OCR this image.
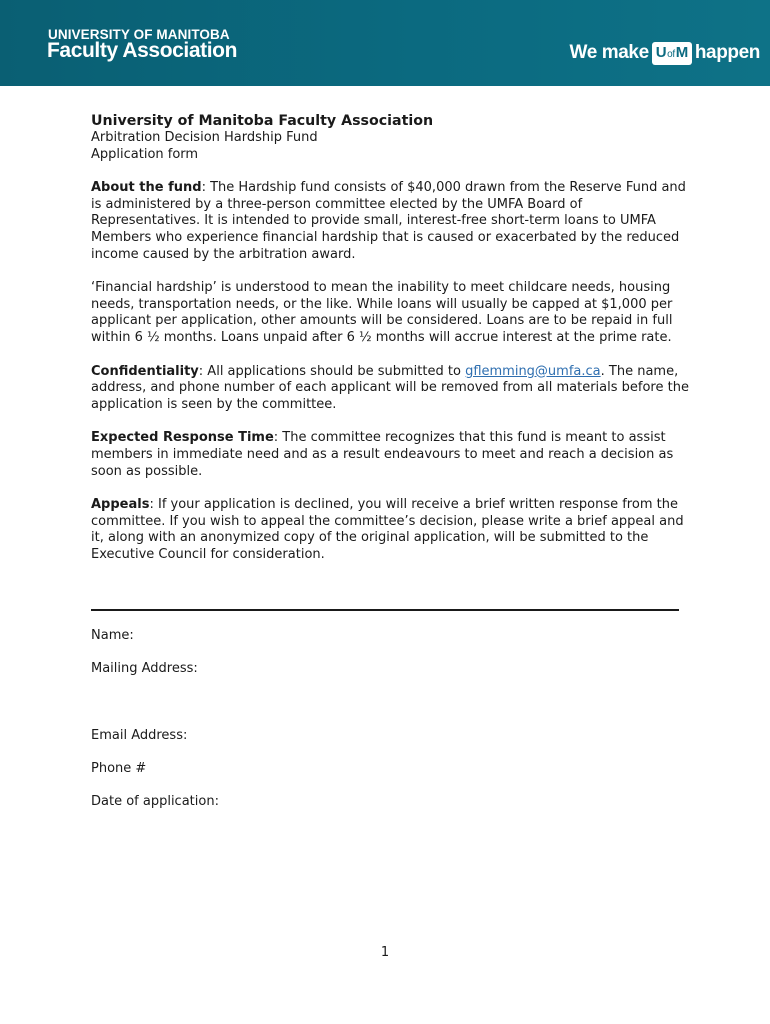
UNIVERSITY OF MANITOBA
Faculty Association	We make U of M happen
University of Manitoba Faculty Association
Arbitration Decision Hardship Fund
Application form

About the fund: The Hardship fund consists of $40,000 drawn from the Reserve Fund and is administered by a three-person committee elected by the UMFA Board of Representatives. It is intended to provide small, interest-free short-term loans to UMFA Members who experience financial hardship that is caused or exacerbated by the reduced income caused by the arbitration award.

‘Financial hardship’ is understood to mean the inability to meet childcare needs, housing needs, transportation needs, or the like. While loans will usually be capped at $1,000 per applicant per application, other amounts will be considered. Loans are to be repaid in full within 6 ½ months. Loans unpaid after 6 ½ months will accrue interest at the prime rate.

Confidentiality: All applications should be submitted to gflemming@umfa.ca. The name, address, and phone number of each applicant will be removed from all materials before the application is seen by the committee.

Expected Response Time: The committee recognizes that this fund is meant to assist members in immediate need and as a result endeavours to meet and reach a decision as soon as possible.

Appeals: If your application is declined, you will receive a brief written response from the committee. If you wish to appeal the committee’s decision, please write a brief appeal and it, along with an anonymized copy of the original application, will be submitted to the Executive Council for consideration.

Name:
Mailing Address:
Email Address:
Phone #
Date of application:
1
